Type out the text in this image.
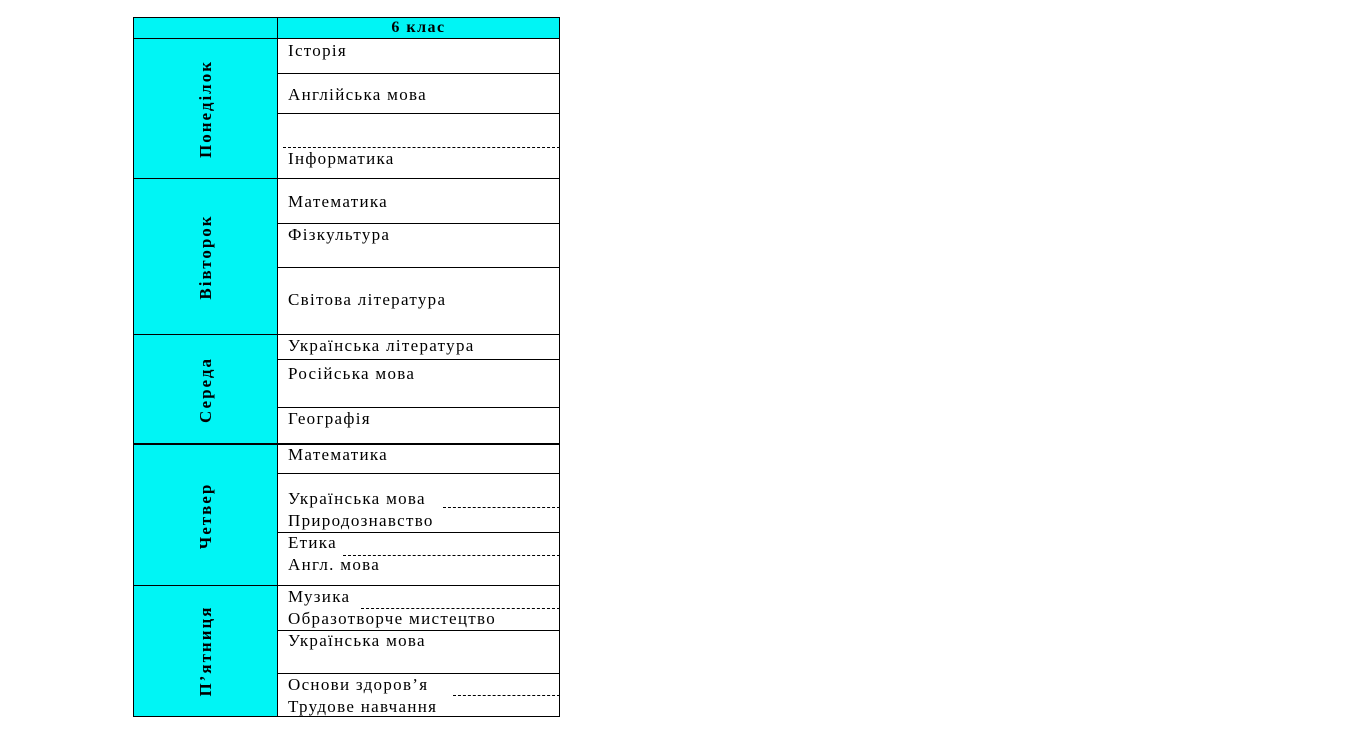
6 клас
Понеділок
Історія
Англійська мова
Інформатика
Вівторок
Математика
Фізкультура
Світова література
Середа
Українська література
Російська мова
Географія
Четвер
Математика
Українська мова
Природознавство
Етика
Англ. мова
П’ятниця
Музика
Образотворче мистецтво
Українська мова
Основи здоров’я
Трудове навчання
